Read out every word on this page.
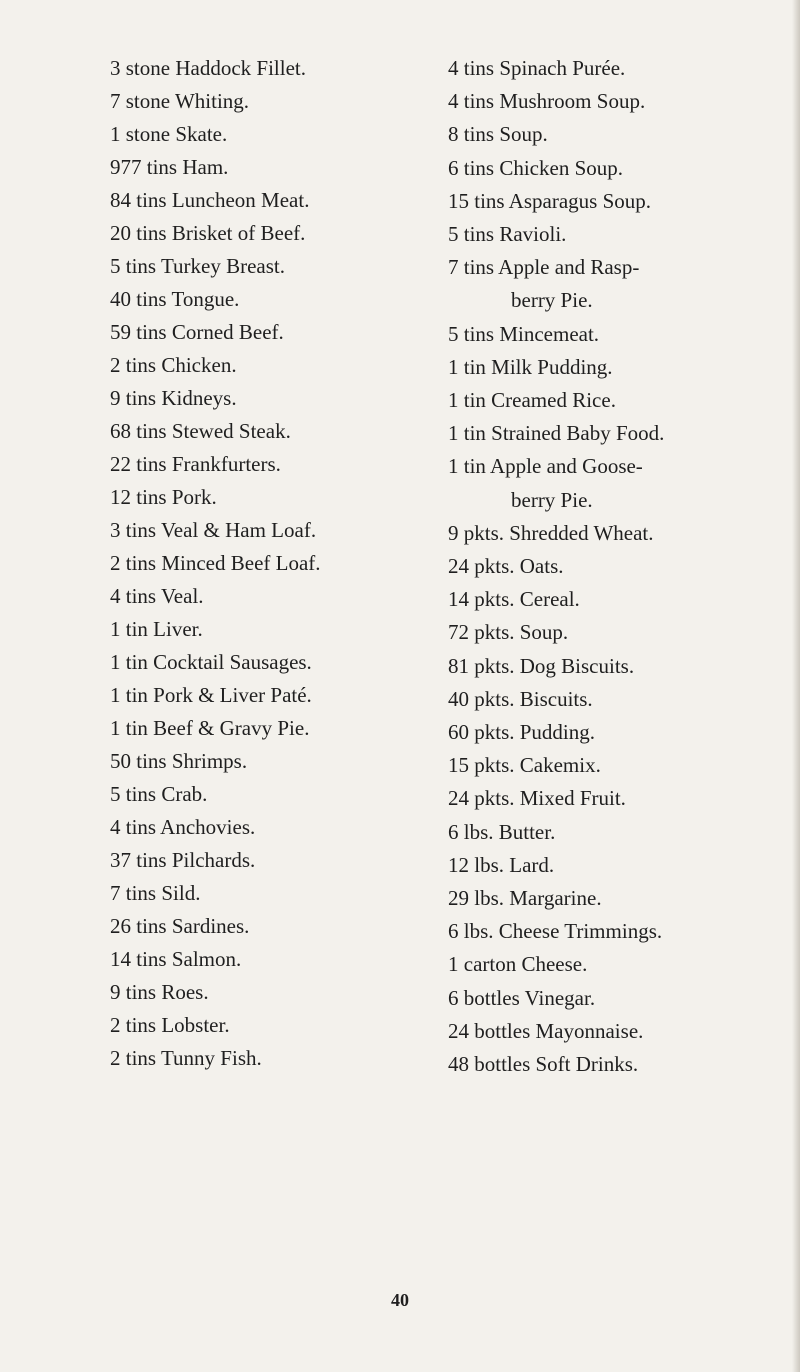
3 stone Haddock Fillet.
7 stone Whiting.
1 stone Skate.
977 tins Ham.
84 tins Luncheon Meat.
20 tins Brisket of Beef.
5 tins Turkey Breast.
40 tins Tongue.
59 tins Corned Beef.
2 tins Chicken.
9 tins Kidneys.
68 tins Stewed Steak.
22 tins Frankfurters.
12 tins Pork.
3 tins Veal & Ham Loaf.
2 tins Minced Beef Loaf.
4 tins Veal.
1 tin Liver.
1 tin Cocktail Sausages.
1 tin Pork & Liver Paté.
1 tin Beef & Gravy Pie.
50 tins Shrimps.
5 tins Crab.
4 tins Anchovies.
37 tins Pilchards.
7 tins Sild.
26 tins Sardines.
14 tins Salmon.
9 tins Roes.
2 tins Lobster.
2 tins Tunny Fish.
4 tins Spinach Purée.
4 tins Mushroom Soup.
8 tins Soup.
6 tins Chicken Soup.
15 tins Asparagus Soup.
5 tins Ravioli.
7 tins Apple and Rasp-
berry Pie.
5 tins Mincemeat.
1 tin Milk Pudding.
1 tin Creamed Rice.
1 tin Strained Baby Food.
1 tin Apple and Goose-
berry Pie.
9 pkts. Shredded Wheat.
24 pkts. Oats.
14 pkts. Cereal.
72 pkts. Soup.
81 pkts. Dog Biscuits.
40 pkts. Biscuits.
60 pkts. Pudding.
15 pkts. Cakemix.
24 pkts. Mixed Fruit.
6 lbs. Butter.
12 lbs. Lard.
29 lbs. Margarine.
6 lbs. Cheese Trimmings.
1 carton Cheese.
6 bottles Vinegar.
24 bottles Mayonnaise.
48 bottles Soft Drinks.
40
